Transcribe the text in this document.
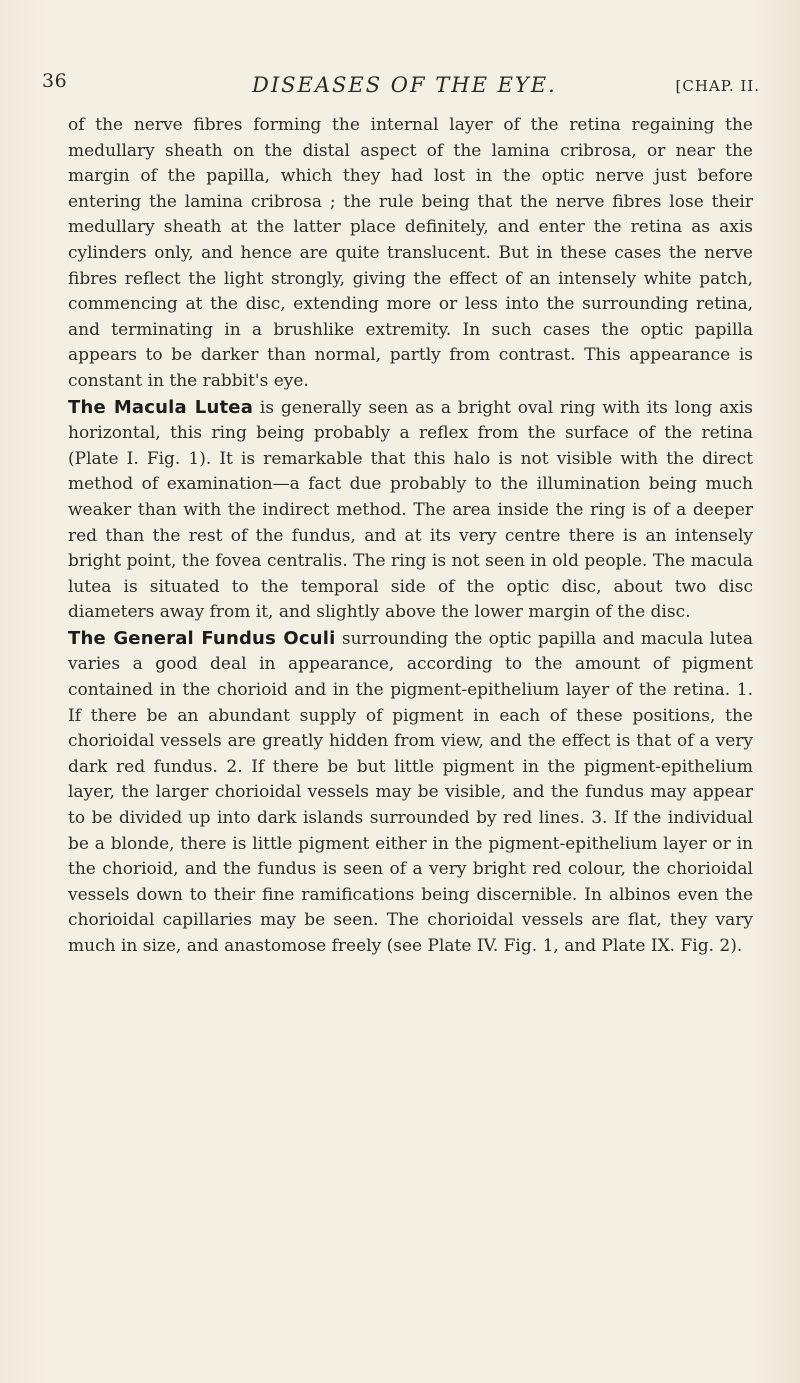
36	DISEASES OF THE EYE.	[CHAP. II.

of the nerve fibres forming the internal layer of the retina regaining the medullary sheath on the distal aspect of the lamina cribrosa, or near the margin of the papilla, which they had lost in the optic nerve just before entering the lamina cribrosa ; the rule being that the nerve fibres lose their medullary sheath at the latter place definitely, and enter the retina as axis cylinders only, and hence are quite translucent. But in these cases the nerve fibres reflect the light strongly, giving the effect of an intensely white patch, commencing at the disc, extending more or less into the surrounding retina, and terminating in a brushlike extremity. In such cases the optic papilla appears to be darker than normal, partly from contrast. This appearance is constant in the rabbit's eye.

The Macula Lutea is generally seen as a bright oval ring with its long axis horizontal, this ring being probably a reflex from the surface of the retina (Plate I. Fig. 1). It is remarkable that this halo is not visible with the direct method of examination—a fact due probably to the illumination being much weaker than with the indirect method. The area inside the ring is of a deeper red than the rest of the fundus, and at its very centre there is an intensely bright point, the fovea centralis. The ring is not seen in old people. The macula lutea is situated to the temporal side of the optic disc, about two disc diameters away from it, and slightly above the lower margin of the disc.

The General Fundus Oculi surrounding the optic papilla and macula lutea varies a good deal in appearance, according to the amount of pigment contained in the chorioid and in the pigment-epithelium layer of the retina. 1. If there be an abundant supply of pigment in each of these positions, the chorioidal vessels are greatly hidden from view, and the effect is that of a very dark red fundus. 2. If there be but little pigment in the pigment-epithelium layer, the larger chorioidal vessels may be visible, and the fundus may appear to be divided up into dark islands surrounded by red lines. 3. If the individual be a blonde, there is little pigment either in the pigment-epithelium layer or in the chorioid, and the fundus is seen of a very bright red colour, the chorioidal vessels down to their fine ramifications being discernible. In albinos even the chorioidal capillaries may be seen. The chorioidal vessels are flat, they vary much in size, and anastomose freely (see Plate IV. Fig. 1, and Plate IX. Fig. 2).
